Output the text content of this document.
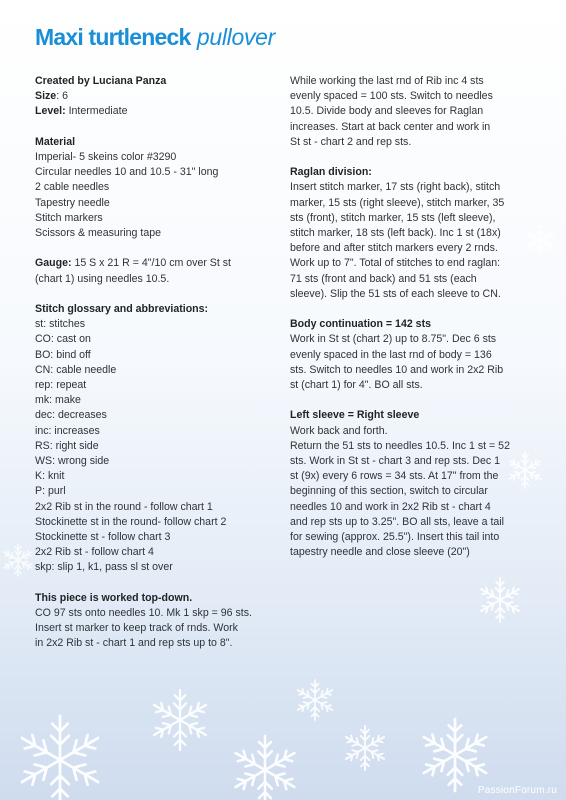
Maxi turtleneck pullover
Created by Luciana Panza
Size: 6
Level: Intermediate
Material
Imperial- 5 skeins color #3290
Circular needles 10 and 10.5 - 31" long
2 cable needles
Tapestry needle
Stitch markers
Scissors & measuring tape
Gauge: 15 S x 21 R = 4"/10 cm over St st
(chart 1) using needles 10.5.
Stitch glossary and abbreviations:
st: stitches
CO: cast on
BO: bind off
CN: cable needle
rep: repeat
mk: make
dec: decreases
inc: increases
RS: right side
WS: wrong side
K: knit
P: purl
2x2 Rib st in the round - follow chart 1
Stockinette st in the round- follow chart 2
Stockinette st - follow chart 3
2x2 Rib st - follow chart 4
skp: slip 1, k1, pass sl st over
This piece is worked top-down.
CO 97 sts onto needles 10. Mk 1 skp = 96 sts.
Insert st marker to keep track of rnds. Work
in 2x2 Rib st - chart 1 and rep sts up to 8".
While working the last rnd of Rib inc 4 sts
evenly spaced = 100 sts. Switch to needles
10.5. Divide body and sleeves for Raglan
increases. Start at back center and work in
St st - chart 2 and rep sts.
Raglan division:
Insert stitch marker, 17 sts (right back), stitch
marker, 15 sts (right sleeve), stitch marker, 35
sts (front), stitch marker, 15 sts (left sleeve),
stitch marker, 18 sts (left back). Inc 1 st (18x)
before and after stitch markers every 2 rnds.
Work up to 7". Total of stitches to end raglan:
71 sts (front and back) and 51 sts (each
sleeve). Slip the 51 sts of each sleeve to CN.
Body continuation = 142 sts
Work in St st (chart 2) up to 8.75". Dec 6 sts
evenly spaced in the last rnd of body = 136
sts. Switch to needles 10 and work in 2x2 Rib
st (chart 1) for 4". BO all sts.
Left sleeve = Right sleeve
Work back and forth.
Return the 51 sts to needles 10.5. Inc 1 st = 52
sts. Work in St st - chart 3 and rep sts. Dec 1
st (9x) every 6 rows = 34 sts. At 17" from the
beginning of this section, switch to circular
needles 10 and work in 2x2 Rib st - chart 4
and rep sts up to 3.25". BO all sts, leave a tail
for sewing (approx. 25.5"). Insert this tail into
tapestry needle and close sleeve (20")
PassionForum.ru
